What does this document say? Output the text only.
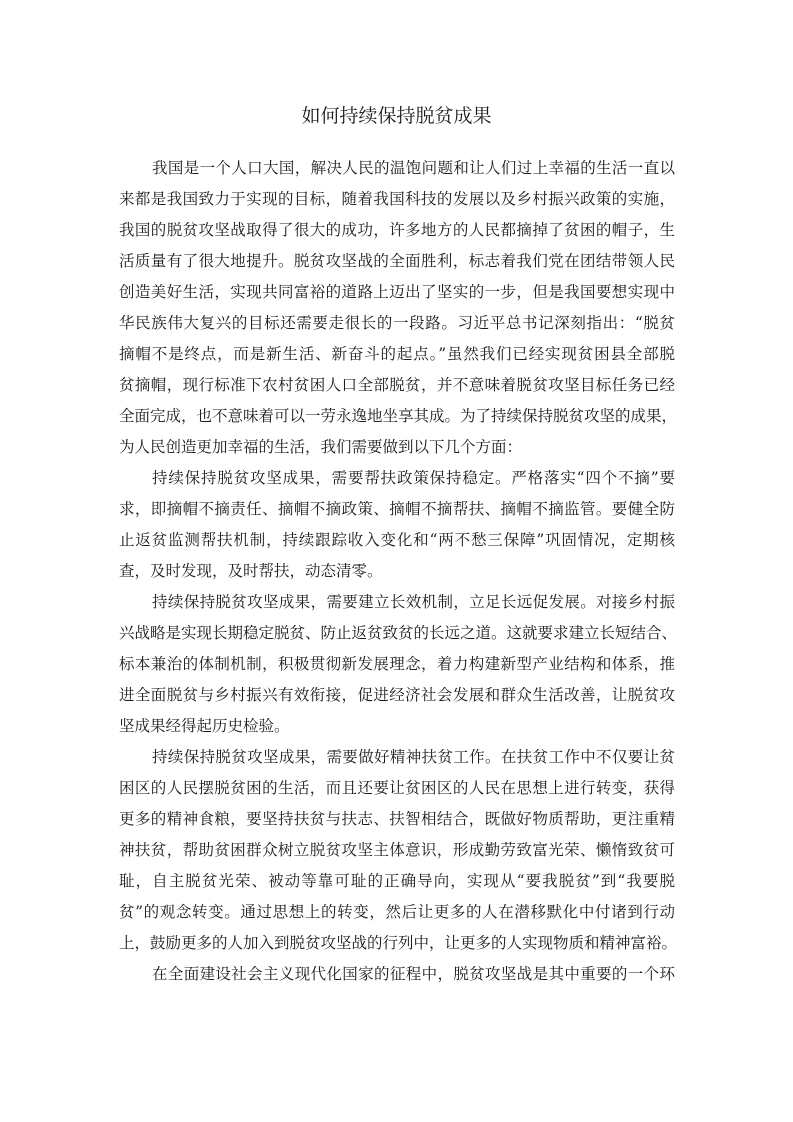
如何持续保持脱贫成果
我国是一个人口大国，解决人民的温饱问题和让人们过上幸福的生活一直以
来都是我国致力于实现的目标，随着我国科技的发展以及乡村振兴政策的实施，
我国的脱贫攻坚战取得了很大的成功，许多地方的人民都摘掉了贫困的帽子，生
活质量有了很大地提升。脱贫攻坚战的全面胜利，标志着我们党在团结带领人民
创造美好生活，实现共同富裕的道路上迈出了坚实的一步，但是我国要想实现中
华民族伟大复兴的目标还需要走很长的一段路。习近平总书记深刻指出：“脱贫
摘帽不是终点，而是新生活、新奋斗的起点。”虽然我们已经实现贫困县全部脱
贫摘帽，现行标准下农村贫困人口全部脱贫，并不意味着脱贫攻坚目标任务已经
全面完成，也不意味着可以一劳永逸地坐享其成。为了持续保持脱贫攻坚的成果，
为人民创造更加幸福的生活，我们需要做到以下几个方面：
持续保持脱贫攻坚成果，需要帮扶政策保持稳定。严格落实“四个不摘”要
求，即摘帽不摘责任、摘帽不摘政策、摘帽不摘帮扶、摘帽不摘监管。要健全防
止返贫监测帮扶机制，持续跟踪收入变化和“两不愁三保障”巩固情况，定期核
查，及时发现，及时帮扶，动态清零。
持续保持脱贫攻坚成果，需要建立长效机制，立足长远促发展。对接乡村振
兴战略是实现长期稳定脱贫、防止返贫致贫的长远之道。这就要求建立长短结合、
标本兼治的体制机制，积极贯彻新发展理念，着力构建新型产业结构和体系，推
进全面脱贫与乡村振兴有效衔接，促进经济社会发展和群众生活改善，让脱贫攻
坚成果经得起历史检验。
持续保持脱贫攻坚成果，需要做好精神扶贫工作。在扶贫工作中不仅要让贫
困区的人民摆脱贫困的生活，而且还要让贫困区的人民在思想上进行转变，获得
更多的精神食粮，要坚持扶贫与扶志、扶智相结合，既做好物质帮助，更注重精
神扶贫，帮助贫困群众树立脱贫攻坚主体意识，形成勤劳致富光荣、懒惰致贫可
耻，自主脱贫光荣、被动等靠可耻的正确导向，实现从“要我脱贫”到“我要脱
贫”的观念转变。通过思想上的转变，然后让更多的人在潜移默化中付诸到行动
上，鼓励更多的人加入到脱贫攻坚战的行列中，让更多的人实现物质和精神富裕。
在全面建设社会主义现代化国家的征程中，脱贫攻坚战是其中重要的一个环
